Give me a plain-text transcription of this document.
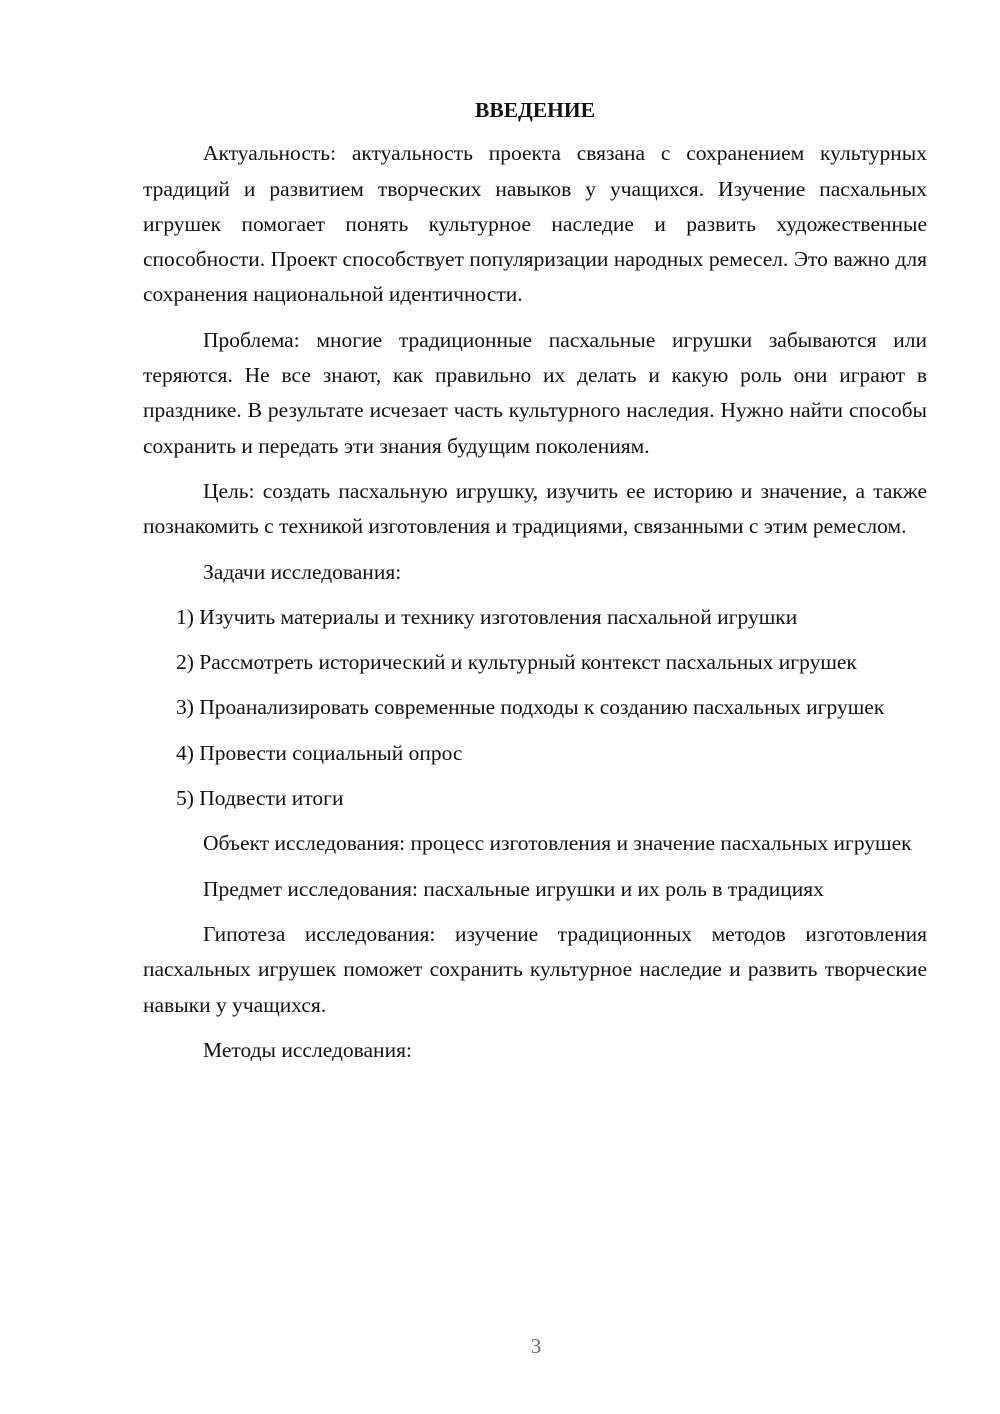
ВВЕДЕНИЕ
Актуальность: актуальность проекта связана с сохранением культурных традиций и развитием творческих навыков у учащихся. Изучение пасхальных игрушек помогает понять культурное наследие и развить художественные способности. Проект способствует популяризации народных ремесел. Это важно для сохранения национальной идентичности.
Проблема: многие традиционные пасхальные игрушки забываются или теряются. Не все знают, как правильно их делать и какую роль они играют в празднике. В результате исчезает часть культурного наследия. Нужно найти способы сохранить и передать эти знания будущим поколениям.
Цель: создать пасхальную игрушку, изучить ее историю и значение, а также познакомить с техникой изготовления и традициями, связанными с этим ремеслом.
Задачи исследования:
1) Изучить материалы и технику изготовления пасхальной игрушки
2) Рассмотреть исторический и культурный контекст пасхальных игрушек
3) Проанализировать современные подходы к созданию пасхальных игрушек
4) Провести социальный опрос
5) Подвести итоги
Объект исследования: процесс изготовления и значение пасхальных игрушек
Предмет исследования: пасхальные игрушки и их роль в традициях
Гипотеза исследования: изучение традиционных методов изготовления пасхальных игрушек поможет сохранить культурное наследие и развить творческие навыки у учащихся.
Методы исследования:
3
